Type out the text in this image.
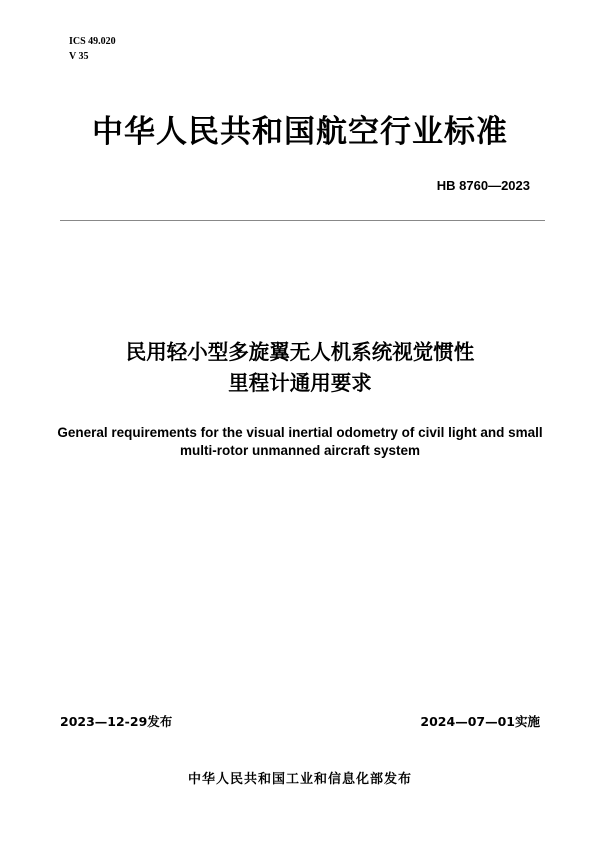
ICS 49.020
V 35
中华人民共和国航空行业标准
HB 8760—2023
民用轻小型多旋翼无人机系统视觉惯性
里程计通用要求
General requirements for the visual inertial odometry of civil light and small
multi-rotor unmanned aircraft system
2023—12-29发布	2024—07—01实施
中华人民共和国工业和信息化部发布
